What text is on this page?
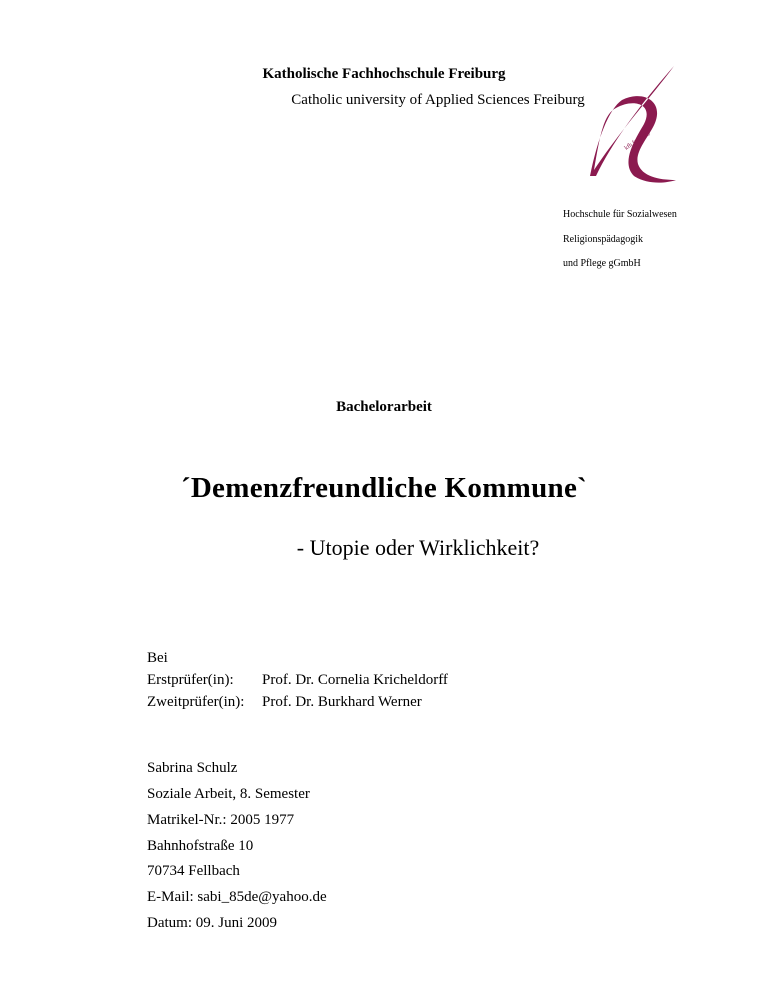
Katholische Fachhochschule Freiburg
Catholic university of Applied Sciences Freiburg
kfh freiburg
Hochschule für Sozialwesen
Religionspädagogik
und Pflege gGmbH
Bachelorarbeit
´Demenzfreundliche Kommune`
- Utopie oder Wirklichkeit?
Bei
Erstprüfer(in): Prof. Dr. Cornelia Kricheldorff
Zweitprüfer(in): Prof. Dr. Burkhard Werner
Sabrina Schulz
Soziale Arbeit, 8. Semester
Matrikel-Nr.: 2005 1977
Bahnhofstraße 10
70734 Fellbach
E-Mail: sabi_85de@yahoo.de
Datum: 09. Juni 2009
